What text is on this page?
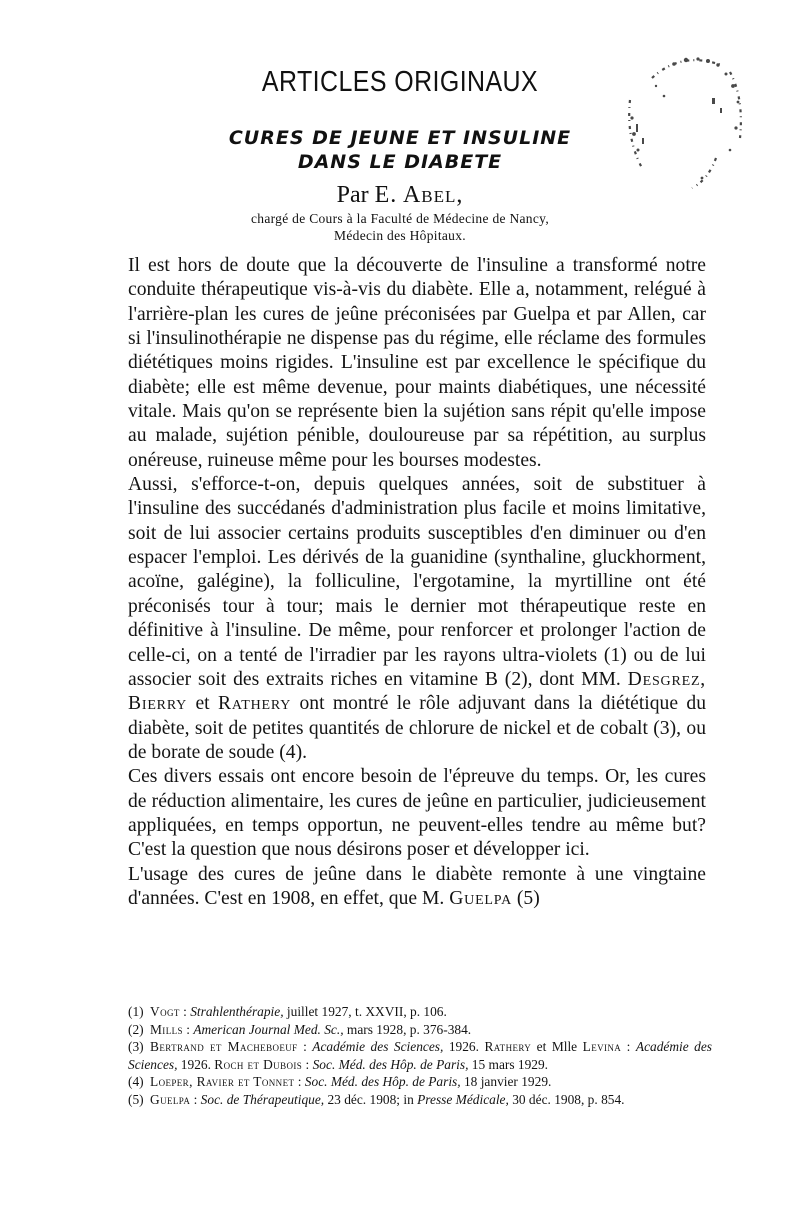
ARTICLES ORIGINAUX
CURES DE JEUNE ET INSULINE
DANS LE DIABETE
Par E. Abel,
chargé de Cours à la Faculté de Médecine de Nancy,
Médecin des Hôpitaux.

Il est hors de doute que la découverte de l'insuline a transformé notre conduite thérapeutique vis-à-vis du diabète. Elle a, notamment, relégué à l'arrière-plan les cures de jeûne préconisées par Guelpa et par Allen, car si l'insulinothérapie ne dispense pas du régime, elle réclame des formules diététiques moins rigides. L'insuline est par excellence le spécifique du diabète; elle est même devenue, pour maints diabétiques, une nécessité vitale. Mais qu'on se représente bien la sujétion sans répit qu'elle impose au malade, sujétion pénible, douloureuse par sa répétition, au surplus onéreuse, ruineuse même pour les bourses modestes.

Aussi, s'efforce-t-on, depuis quelques années, soit de substituer à l'insuline des succédanés d'administration plus facile et moins limitative, soit de lui associer certains produits susceptibles d'en diminuer ou d'en espacer l'emploi. Les dérivés de la guanidine (synthaline, gluckhorment, acoïne, galégine), la folliculine, l'ergotamine, la myrtilline ont été préconisés tour à tour; mais le dernier mot thérapeutique reste en définitive à l'insuline. De même, pour renforcer et prolonger l'action de celle-ci, on a tenté de l'irradier par les rayons ultra-violets (1) ou de lui associer soit des extraits riches en vitamine B (2), dont MM. Desgrez, Bierry et Rathery ont montré le rôle adjuvant dans la diététique du diabète, soit de petites quantités de chlorure de nickel et de cobalt (3), ou de borate de soude (4).

Ces divers essais ont encore besoin de l'épreuve du temps. Or, les cures de réduction alimentaire, les cures de jeûne en particulier, judicieusement appliquées, en temps opportun, ne peuvent-elles tendre au même but? C'est la question que nous désirons poser et développer ici.

L'usage des cures de jeûne dans le diabète remonte à une vingtaine d'années. C'est en 1908, en effet, que M. Guelpa (5)

(1) Vogt : Strahlenthérapie, juillet 1927, t. XXVII, p. 106.

(2) Mills : American Journal Med. Sc., mars 1928, p. 376-384.

(3) Bertrand et Macheboeuf : Académie des Sciences, 1926. Rathery et Mlle Levina : Académie des Sciences, 1926. Roch et Dubois : Soc. Méd. des Hôp. de Paris, 15 mars 1929.

(4) Loeper, Ravier et Tonnet : Soc. Méd. des Hôp. de Paris, 18 janvier 1929.

(5) Guelpa : Soc. de Thérapeutique, 23 déc. 1908; in Presse Médicale, 30 déc. 1908, p. 854.
